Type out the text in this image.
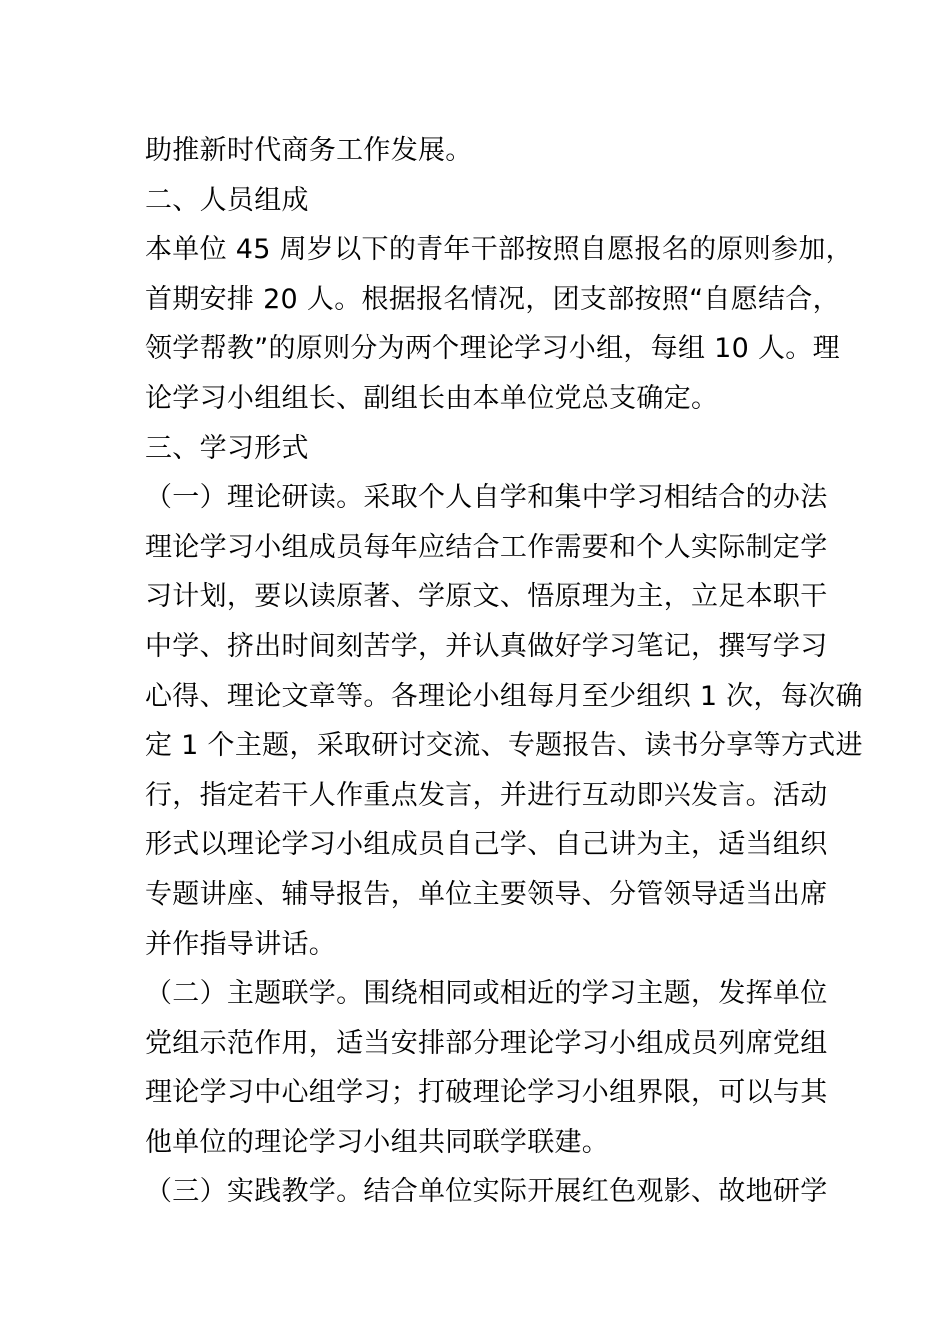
助推新时代商务工作发展。
二、人员组成
本单位 45 周岁以下的青年干部按照自愿报名的原则参加，
首期安排 20 人。根据报名情况，团支部按照“自愿结合，
领学帮教”的原则分为两个理论学习小组，每组 10 人。理
论学习小组组长、副组长由本单位党总支确定。
三、学习形式
（一）理论研读。采取个人自学和集中学习相结合的办法
理论学习小组成员每年应结合工作需要和个人实际制定学
习计划，要以读原著、学原文、悟原理为主，立足本职干
中学、挤出时间刻苦学，并认真做好学习笔记，撰写学习
心得、理论文章等。各理论小组每月至少组织 1 次，每次确
定 1 个主题，采取研讨交流、专题报告、读书分享等方式进
行，指定若干人作重点发言，并进行互动即兴发言。活动
形式以理论学习小组成员自己学、自己讲为主，适当组织
专题讲座、辅导报告，单位主要领导、分管领导适当出席
并作指导讲话。
（二）主题联学。围绕相同或相近的学习主题，发挥单位
党组示范作用，适当安排部分理论学习小组成员列席党组
理论学习中心组学习；打破理论学习小组界限，可以与其
他单位的理论学习小组共同联学联建。
（三）实践教学。结合单位实际开展红色观影、故地研学
